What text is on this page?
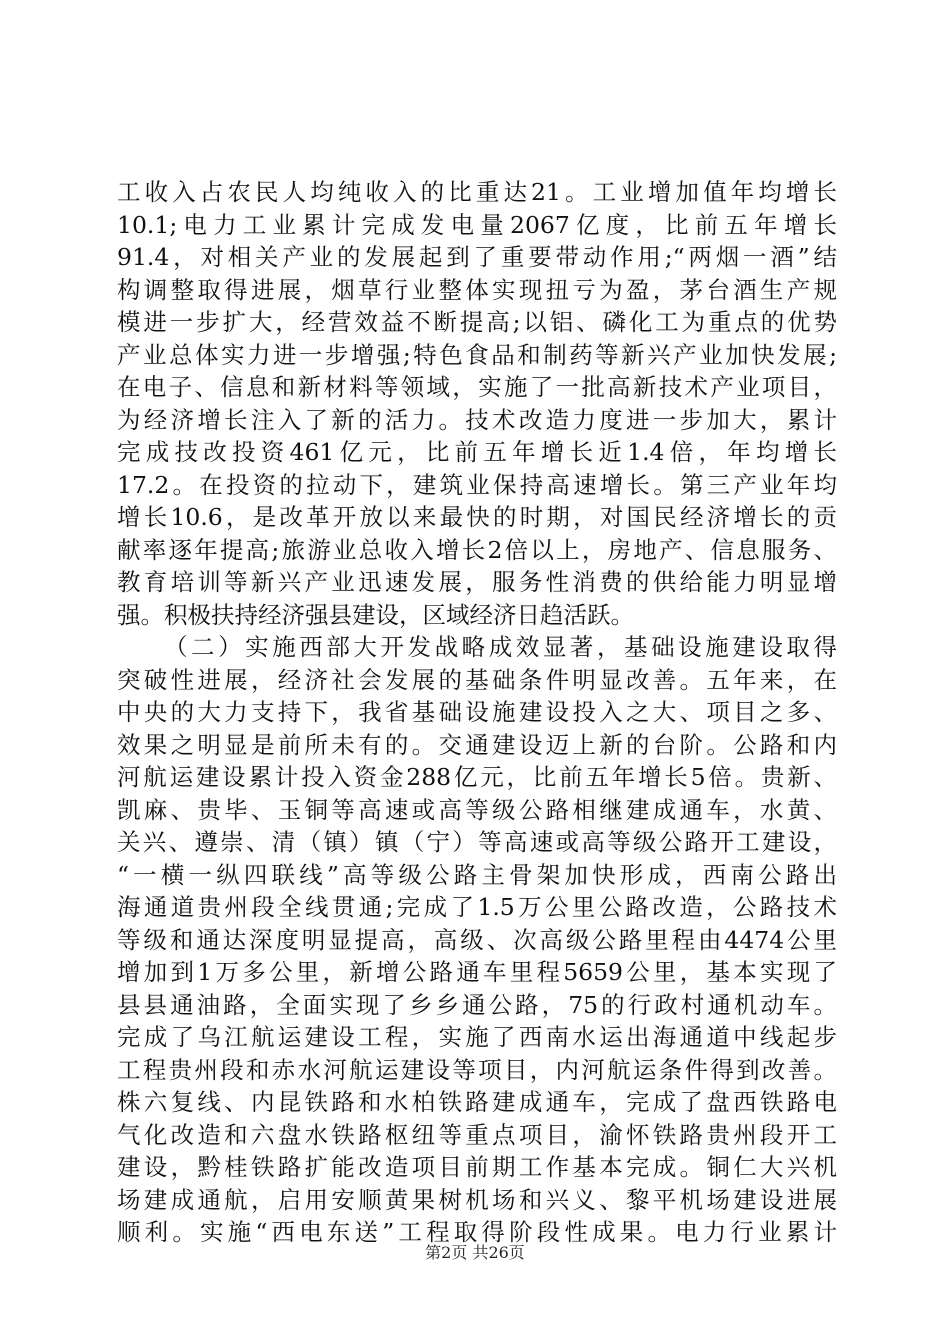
工收入占农民人均纯收入的比重达21。工业增加值年均增长
10.1;电力工业累计完成发电量2067亿度，比前五年增长
91.4，对相关产业的发展起到了重要带动作用;“两烟一酒”结
构调整取得进展，烟草行业整体实现扭亏为盈，茅台酒生产规
模进一步扩大，经营效益不断提高;以铝、磷化工为重点的优势
产业总体实力进一步增强;特色食品和制药等新兴产业加快发展;
在电子、信息和新材料等领域，实施了一批高新技术产业项目，
为经济增长注入了新的活力。技术改造力度进一步加大，累计
完成技改投资461亿元，比前五年增长近1.4倍，年均增长
17.2。在投资的拉动下，建筑业保持高速增长。第三产业年均
增长10.6，是改革开放以来最快的时期，对国民经济增长的贡
献率逐年提高;旅游业总收入增长2倍以上，房地产、信息服务、
教育培训等新兴产业迅速发展，服务性消费的供给能力明显增
强。积极扶持经济强县建设，区域经济日趋活跃。
（二）实施西部大开发战略成效显著，基础设施建设取得
突破性进展，经济社会发展的基础条件明显改善。五年来，在
中央的大力支持下，我省基础设施建设投入之大、项目之多、
效果之明显是前所未有的。交通建设迈上新的台阶。公路和内
河航运建设累计投入资金288亿元，比前五年增长5倍。贵新、
凯麻、贵毕、玉铜等高速或高等级公路相继建成通车，水黄、
关兴、遵崇、清（镇）镇（宁）等高速或高等级公路开工建设，
“一横一纵四联线”高等级公路主骨架加快形成，西南公路出
海通道贵州段全线贯通;完成了1.5万公里公路改造，公路技术
等级和通达深度明显提高，高级、次高级公路里程由4474公里
增加到1万多公里，新增公路通车里程5659公里，基本实现了
县县通油路，全面实现了乡乡通公路，75的行政村通机动车。
完成了乌江航运建设工程，实施了西南水运出海通道中线起步
工程贵州段和赤水河航运建设等项目，内河航运条件得到改善。
株六复线、内昆铁路和水柏铁路建成通车，完成了盘西铁路电
气化改造和六盘水铁路枢纽等重点项目，渝怀铁路贵州段开工
建设，黔桂铁路扩能改造项目前期工作基本完成。铜仁大兴机
场建成通航，启用安顺黄果树机场和兴义、黎平机场建设进展
顺利。实施“西电东送”工程取得阶段性成果。电力行业累计
第2页 共26页
